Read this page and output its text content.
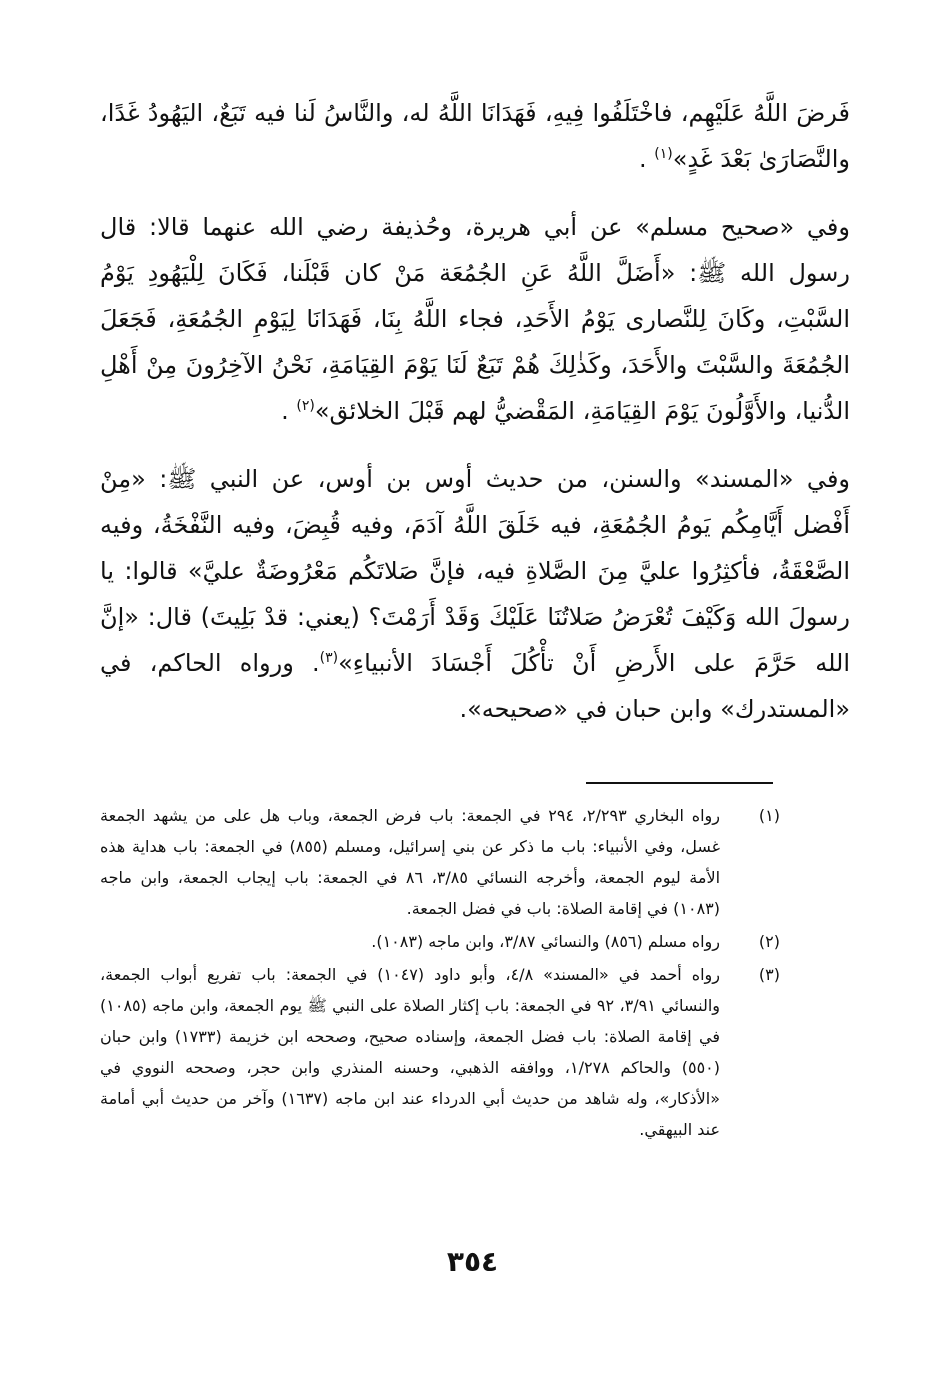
فَرضَ اللَّهُ عَلَيْهِم، فاخْتَلَفُوا فِيهِ، فَهَدَانَا اللَّهُ له، والنَّاسُ لَنا فيه تَبَعٌ، اليَهُودُ غَدًا، والنَّصَارَىٰ بَعْدَ غَدٍ»$^{(١)}$ .

وفي «صحيح مسلم» عن أبي هريرة، وحُذيفة رضي الله عنهما قالا: قال رسول الله ﷺ: «أَضَلَّ اللَّهُ عَنِ الجُمُعَة مَنْ كان قَبْلَنا، فَكَانَ لِلْيَهُودِ يَوْمُ السَّبْتِ، وكَانَ لِلنَّصارى يَوْمُ الأَحَدِ، فجاء اللَّهُ بِنَا، فَهَدَانَا لِيَوْمِ الجُمُعَةِ، فَجَعَلَ الجُمُعَةَ والسَّبْتَ والأَحَدَ، وكَذٰلِكَ هُمْ تَبَعٌ لَنَا يَوْمَ القِيَامَةِ، نَحْنُ الآخِرُونَ مِنْ أَهْلِ الدُّنيا، والأَوَّلُونَ يَوْمَ القِيَامَةِ، المَقْضيُّ لهم قَبْلَ الخلائق»$^{(٢)}$ .

وفي «المسند» والسنن، من حديث أوس بن أوس، عن النبي ﷺ: «مِنْ أَفْضل أَيَّامِكُم يَومُ الجُمُعَةِ، فيه خَلَقَ اللَّهُ آدَمَ، وفيه قُبِضَ، وفيه النَّفْخَةُ، وفيه الصَّعْقَةُ، فأكثِرُوا عليَّ مِنَ الصَّلاةِ فيه، فإنَّ صَلاتَكُم مَعْرُوضَةٌ عليَّ» قالوا: يا رسولَ الله وَكَيْفَ تُعْرَضُ صَلاتُنَا عَلَيْكَ وَقَدْ أَرَمْتَ؟ (يعني: قدْ بَلِيتَ) قال: «إنَّ الله حَرَّمَ على الأَرضِ أَنْ تأْكُلَ أَجْسَادَ الأنبياءِ»$^{(٣)}$. ورواه الحاكم، في «المستدرك» وابن حبان في «صحيحه».

(١)
رواه البخاري ٢/٢٩٣، ٢٩٤ في الجمعة: باب فرض الجمعة، وباب هل على من يشهد الجمعة غسل، وفي الأنبياء: باب ما ذكر عن بني إسرائيل، ومسلم (٨٥٥) في الجمعة: باب هداية هذه الأمة ليوم الجمعة، وأخرجه النسائي ٣/٨٥، ٨٦ في الجمعة: باب إيجاب الجمعة، وابن ماجه (١٠٨٣) في إقامة الصلاة: باب في فضل الجمعة.
(٢)
رواه مسلم (٨٥٦) والنسائي ٣/٨٧، وابن ماجه (١٠٨٣).
(٣)
رواه أحمد في «المسند» ٤/٨، وأبو داود (١٠٤٧) في الجمعة: باب تفريع أبواب الجمعة، والنسائي ٣/٩١، ٩٢ في الجمعة: باب إكثار الصلاة على النبي ﷺ يوم الجمعة، وابن ماجه (١٠٨٥) في إقامة الصلاة: باب فضل الجمعة، وإسناده صحيح، وصححه ابن خزيمة (١٧٣٣) وابن حبان (٥٥٠) والحاكم ١/٢٧٨، ووافقه الذهبي، وحسنه المنذري وابن حجر، وصححه النووي في «الأذكار»، وله شاهد من حديث أبي الدرداء عند ابن ماجه (١٦٣٧) وآخر من حديث أبي أمامة عند البيهقي.
٣٥٤
